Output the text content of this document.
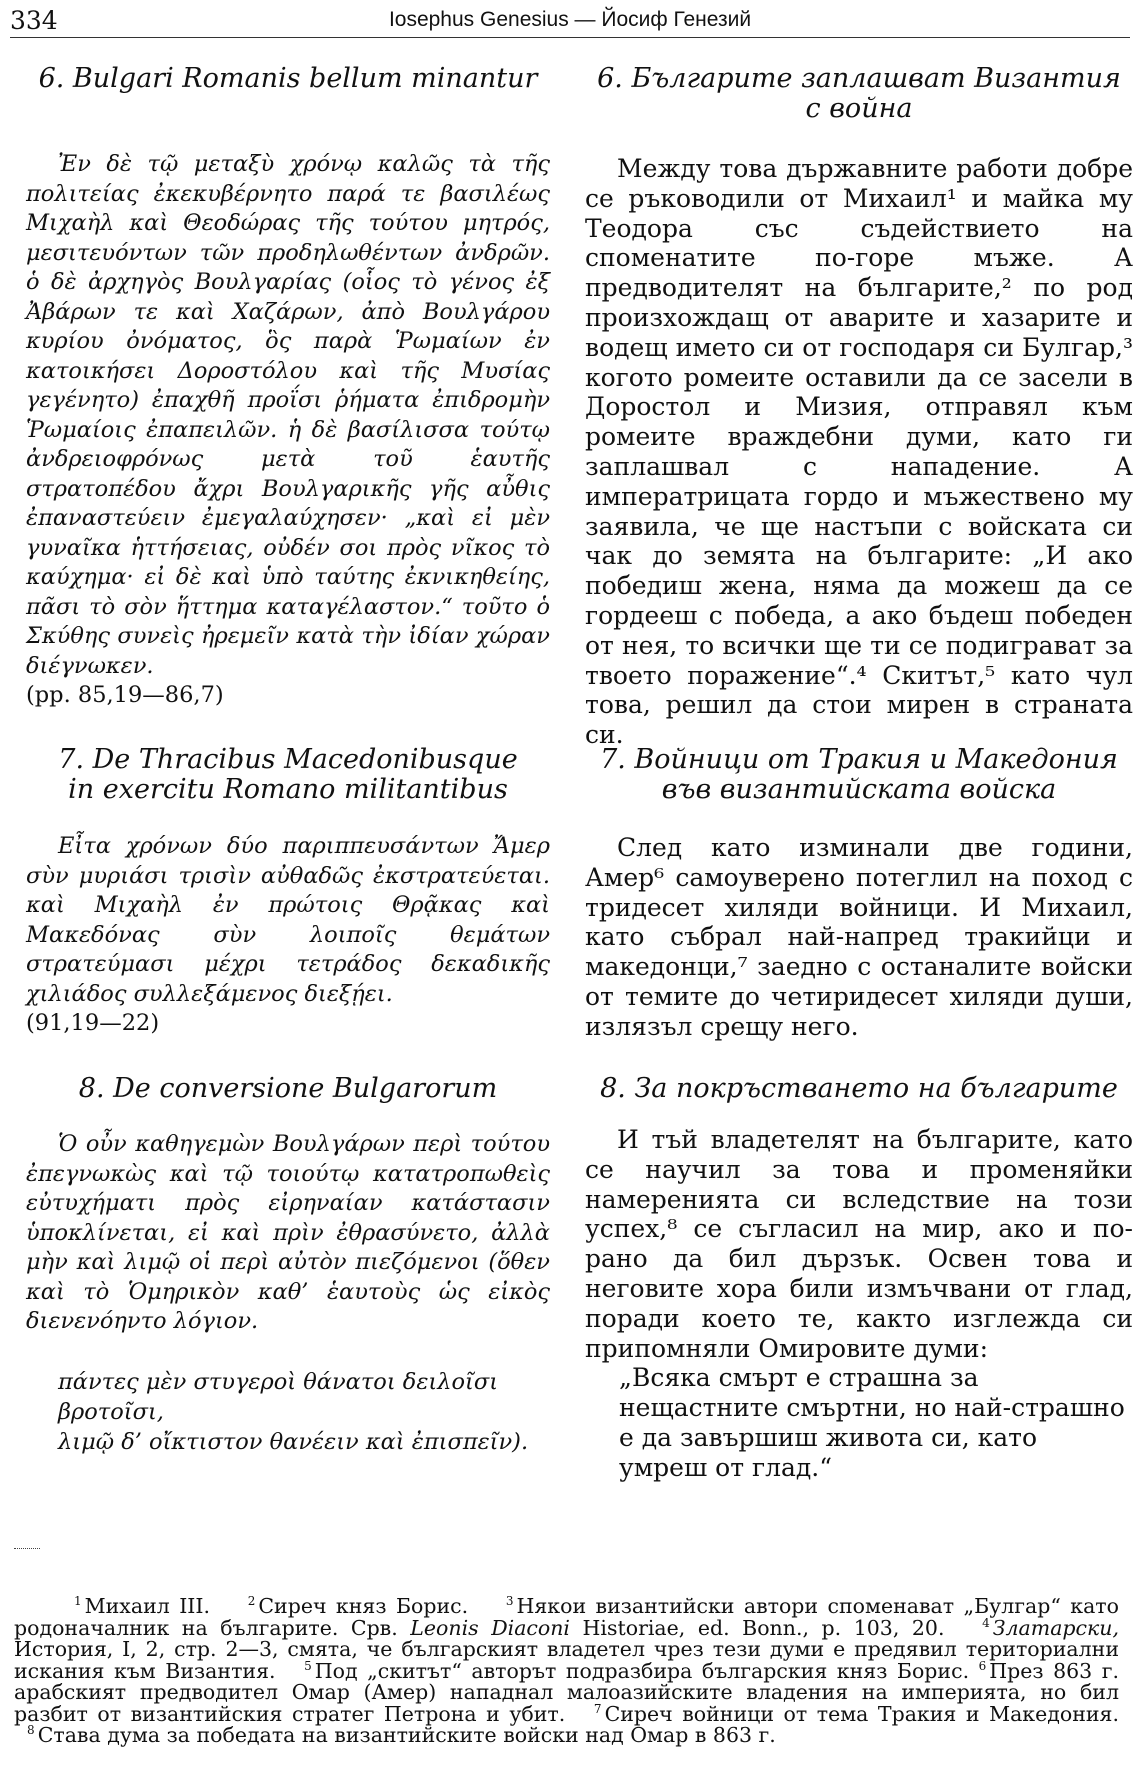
334	Iosephus Genesius — Йосиф Генезий

6. Bulgari Romanis bellum minantur	6. Българите заплашват Византия
с война

Ἐν δὲ τῷ μεταξὺ χρόνῳ καλῶς τὰ τῆς πολιτείας ἐκεκυβέρνητο παρά τε βασιλέως Μιχαὴλ καὶ Θεοδώρας τῆς τούτου μητρός, μεσιτευόντων τῶν προδηλωθέντων ἀνδρῶν. ὁ δὲ ἀρχηγὸς Βουλγαρίας (οἷος τὸ γένος ἐξ Ἀβάρων τε καὶ Χαζάρων, ἀπὸ Βουλγάρου κυρίου ὀνόματος, ὃς παρὰ Ῥωμαίων ἐν κατοικήσει Δοροστόλου καὶ τῆς Μυσίας γεγένητο) ἐπαχθῆ προΐσι ῥήματα ἐπιδρομὴν Ῥωμαίοις ἐπαπειλῶν. ἡ δὲ βασίλισσα τούτῳ ἀνδρειοφρόνως μετὰ τοῦ ἑαυτῆς στρατοπέδου ἄχρι Βουλγαρικῆς γῆς αὖθις ἐπαναστεύειν ἐμεγαλαύχησεν· „καὶ εἰ μὲν γυναῖκα ἡττήσειας, οὐδέν σοι πρὸς νῖκος τὸ καύχημα· εἰ δὲ καὶ ὑπὸ ταύτης ἐκνικηθείης, πᾶσι τὸ σὸν ἥττημα καταγέλαστον.“ τοῦτο ὁ Σκύθης συνεὶς ἠρεμεῖν κατὰ τὴν ἰδίαν χώραν διέγνωκεν.

(pp. 85,19—86,7)

Между това държавните работи добре се ръководили от Михаил¹ и майка му Теодора със съдействието на споменатите по-горе мъже. А предводителят на българите,² по род произхождащ от аварите и хазарите и водещ името си от господаря си Булгар,³ когото ромеите оставили да се засели в Доростол и Мизия, отправял към ромеите враждебни думи, като ги заплашвал с нападение. А императрицата гордо и мъжествено му заявила, че ще настъпи с войската си чак до земята на българите: „И ако победиш жена, няма да можеш да се гордееш с победа, а ако бъдеш победен от нея, то всички ще ти се подиграват за твоето поражение“.⁴ Скитът,⁵ като чул това, решил да стои мирен в страната си.

7. De Thracibus Macedonibusque
in exercitu Romano militantibus

7. Войници от Тракия и Македония
във византийската войска

Εἶτα χρόνων δύο παριππευσάντων Ἄμερ σὺν μυριάσι τρισὶν αὐθαδῶς ἐκστρατεύεται. καὶ Μιχαὴλ ἐν πρώτοις Θρᾷκας καὶ Μακεδόνας σὺν λοιποῖς θεμάτων στρατεύμασι μέχρι τετράδος δεκαδικῆς χιλιάδος συλλεξάμενος διεξῄει.

(91,19—22)

След като изминали две години, Амер⁶ самоуверено потеглил на поход с тридесет хиляди войници. И Михаил, като събрал най-напред тракийци и македонци,⁷ заедно с останалите войски от темите до четиридесет хиляди души, излязъл срещу него.

8. De conversione Bulgarorum	8. За покръстването на българите

Ὁ οὖν καθηγεμὼν Βουλγάρων περὶ τούτου ἐπεγνωκὼς καὶ τῷ τοιούτῳ κατατροπωθεὶς εὐτυχήματι πρὸς εἰρηναίαν κατάστασιν ὑποκλίνεται, εἰ καὶ πρὶν ἐθρασύνετο, ἀλλὰ μὴν καὶ λιμῷ οἱ περὶ αὐτὸν πιεζόμενοι (ὅθεν καὶ τὸ Ὁμηρικὸν καθ’ ἑαυτοὺς ὡς εἰκὸς διενενόηντο λόγιον.

πάντες μὲν στυγεροὶ θάνατοι δειλοῖσι βροτοῖσι,

λιμῷ δ’ οἴκτιστον θανέειν καὶ ἐπισπεῖν).

И тъй владетелят на българите, като се научил за това и променяйки намеренията си вследствие на този успех,⁸ се съгласил на мир, ако и по-рано да бил дързък. Освен това и неговите хора били измъчвани от глад, поради което те, както изглежда си припомняли Омировите думи:

„Всяка смърт е страшна за нещастните смъртни, но най-страшно е да завършиш живота си, като умреш от глад.“

$^1$ Михаил III.	$^2$ Сиреч княз Борис.	$^3$ Някои византийски автори споменават „Булгар“ като родоначалник на българите. Срв. Leonis Diaconi Historiae, ed. Bonn., p. 103, 20.	$^4$ Златарски, История, I, 2, стр. 2—3, смята, че българският владетел чрез тези думи е предявил териториални искания към Византия. $^5$ Под „скитът“ авторът подразбира българския княз Борис. $^6$ През 863 г. арабският предводител Омар (Амер) нападнал малоазийските владения на империята, но бил разбит от византийския стратег Петрона и убит. $^7$ Сиреч войници от тема Тракия и Македония.   $^8$ Става дума за победата на византийските войски над Омар в 863 г.
